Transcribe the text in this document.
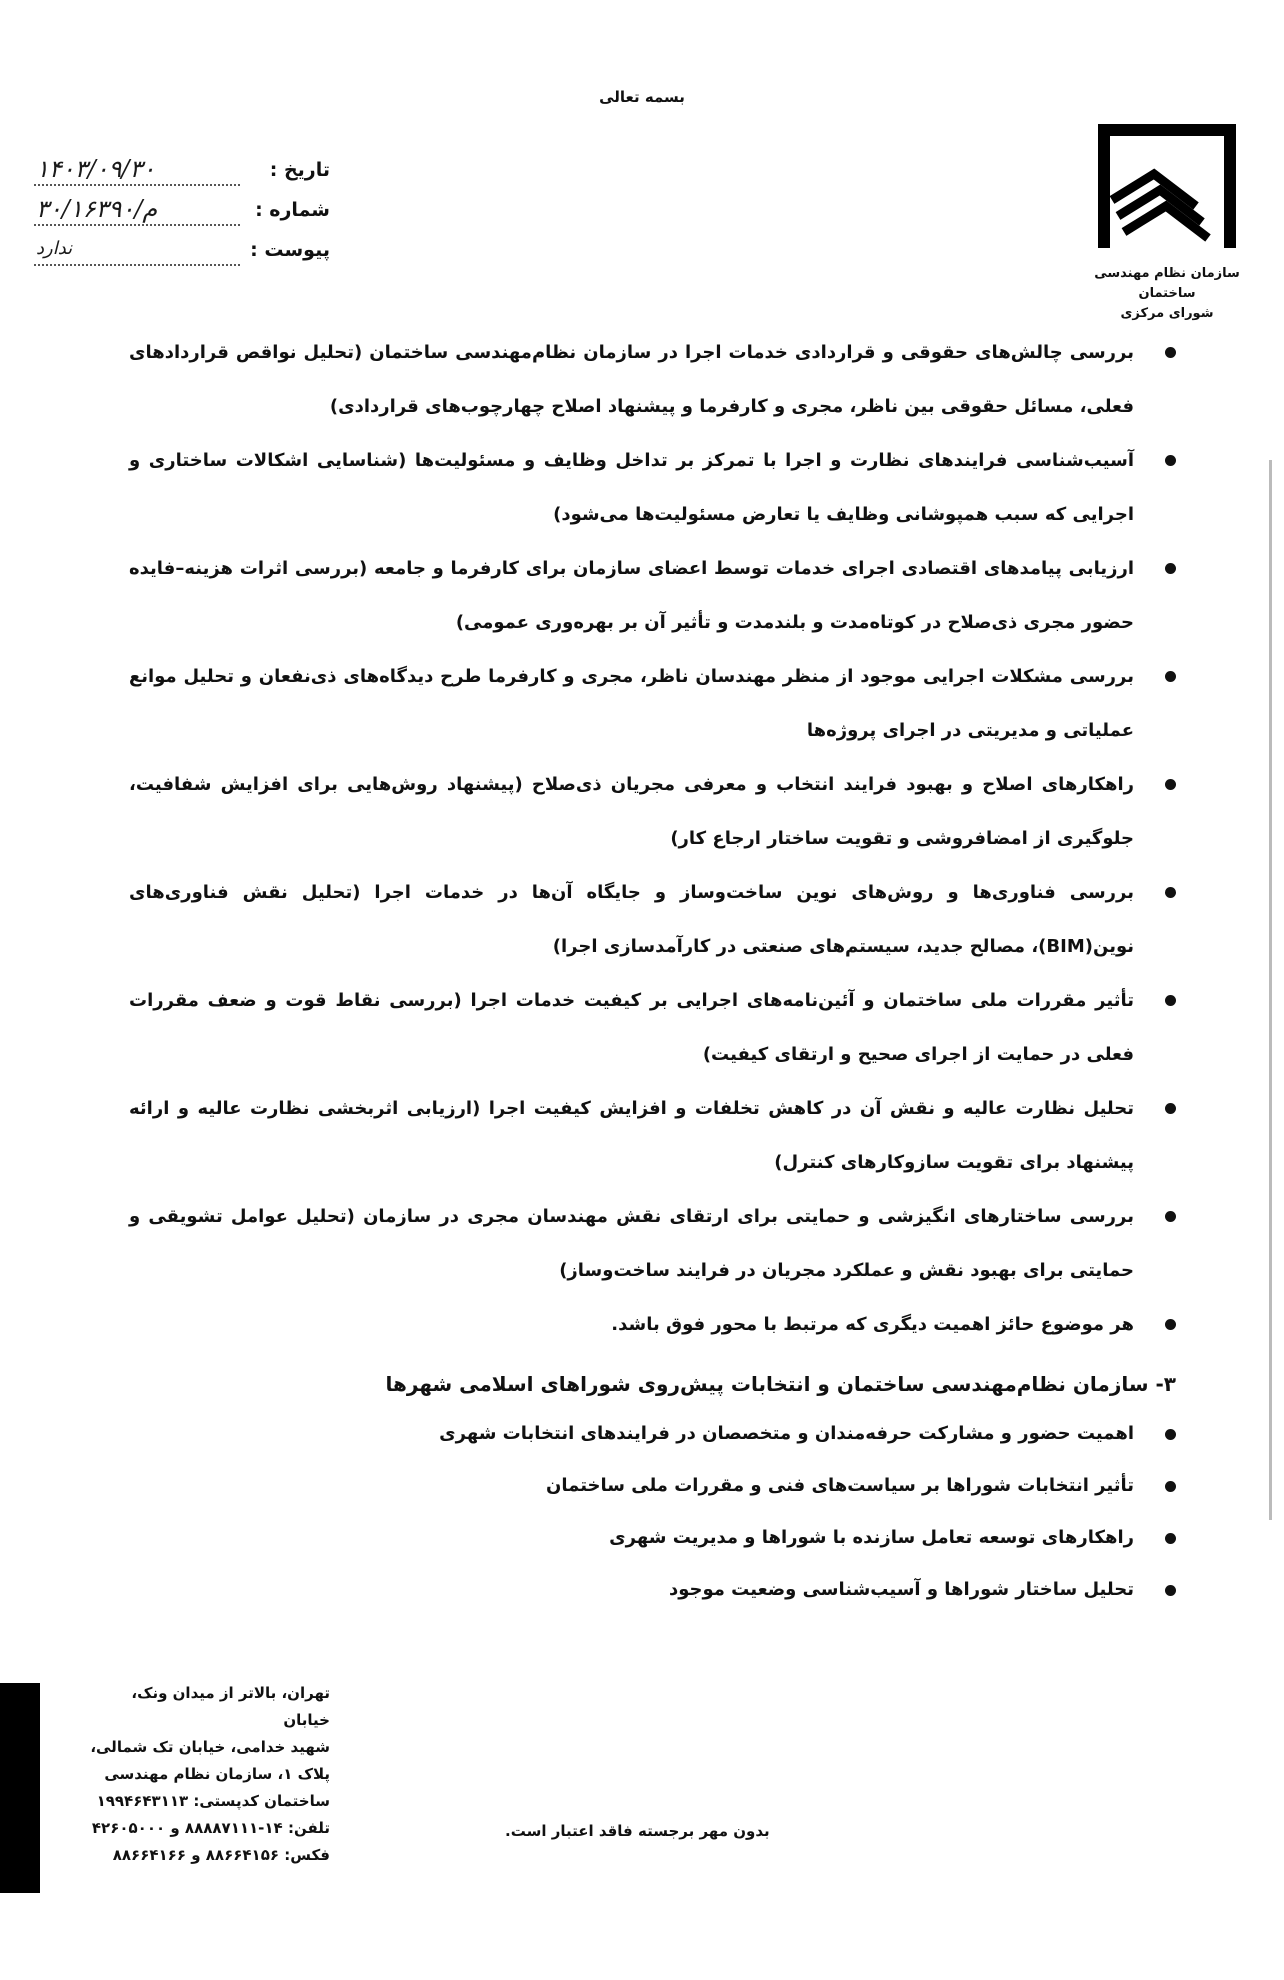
بسمه تعالی
سازمان نظام مهندسی ساختمان
شورای مرکزی
تاریخ :
۱۴۰۳/۰۹/۳۰
شماره :
۳۰/۱۶۳۹۰/م
پیوست :
ندارد
بررسی چالش‌های حقوقی و قراردادی خدمات اجرا در سازمان نظام‌مهندسی ساختمان (تحلیل نواقص قراردادهای فعلی، مسائل حقوقی بین ناظر، مجری و کارفرما و پیشنهاد اصلاح چهارچوب‌های قراردادی)
آسیب‌شناسی فرایندهای نظارت و اجرا با تمرکز بر تداخل وظایف و مسئولیت‌ها (شناسایی اشکالات ساختاری و اجرایی که سبب همپوشانی وظایف یا تعارض مسئولیت‌ها می‌شود)
ارزیابی پیامدهای اقتصادی اجرای خدمات توسط اعضای سازمان برای کارفرما و جامعه (بررسی اثرات هزینه–فایده حضور مجری ذی‌صلاح در کوتاه‌مدت و بلندمدت و تأثیر آن بر بهره‌وری عمومی)
بررسی مشکلات اجرایی موجود از منظر مهندسان ناظر، مجری و کارفرما طرح دیدگاه‌های ذی‌نفعان و تحلیل موانع عملیاتی و مدیریتی در اجرای پروژه‌ها
راهکارهای اصلاح و بهبود فرایند انتخاب و معرفی مجریان ذی‌صلاح (پیشنهاد روش‌هایی برای افزایش شفافیت، جلوگیری از امضافروشی و تقویت ساختار ارجاع کار)
بررسی فناوری‌ها و روش‌های نوین ساخت‌وساز و جایگاه آن‌ها در خدمات اجرا (تحلیل نقش فناوری‌های نوین(BIM)، مصالح جدید، سیستم‌های صنعتی در کارآمدسازی اجرا)
تأثیر مقررات ملی ساختمان و آئین‌نامه‌های اجرایی بر کیفیت خدمات اجرا (بررسی نقاط قوت و ضعف مقررات فعلی در حمایت از اجرای صحیح و ارتقای کیفیت)
تحلیل نظارت عالیه و نقش آن در کاهش تخلفات و افزایش کیفیت اجرا (ارزیابی اثربخشی نظارت عالیه و ارائه پیشنهاد برای تقویت سازوکارهای کنترل)
بررسی ساختارهای انگیزشی و حمایتی برای ارتقای نقش مهندسان مجری در سازمان (تحلیل عوامل تشویقی و حمایتی برای بهبود نقش و عملکرد مجریان در فرایند ساخت‌وساز)
هر موضوع حائز اهمیت دیگری که مرتبط با محور فوق باشد.
۳- سازمان نظام‌مهندسی ساختمان و انتخابات پیش‌روی شوراهای اسلامی شهرها
اهمیت حضور و مشارکت حرفه‌مندان و متخصصان در فرایندهای انتخابات شهری
تأثیر انتخابات شوراها بر سیاست‌های فنی و مقررات ملی ساختمان
راهکارهای توسعه تعامل سازنده با شوراها و مدیریت شهری
تحلیل ساختار شوراها و آسیب‌شناسی وضعیت موجود
تهران، بالاتر از میدان ونک، خیابان
شهید خدامی، خیابان تک شمالی،
پلاک ۱، سازمان نظام مهندسی
ساختمان کدپستی: ۱۹۹۴۶۴۳۱۱۳
تلفن: ۱۴-۸۸۸۸۷۱۱۱ و ۴۲۶۰۵۰۰۰
فکس: ۸۸۶۶۴۱۵۶ و ۸۸۶۶۴۱۶۶
بدون مهر برجسته فاقد اعتبار است.
